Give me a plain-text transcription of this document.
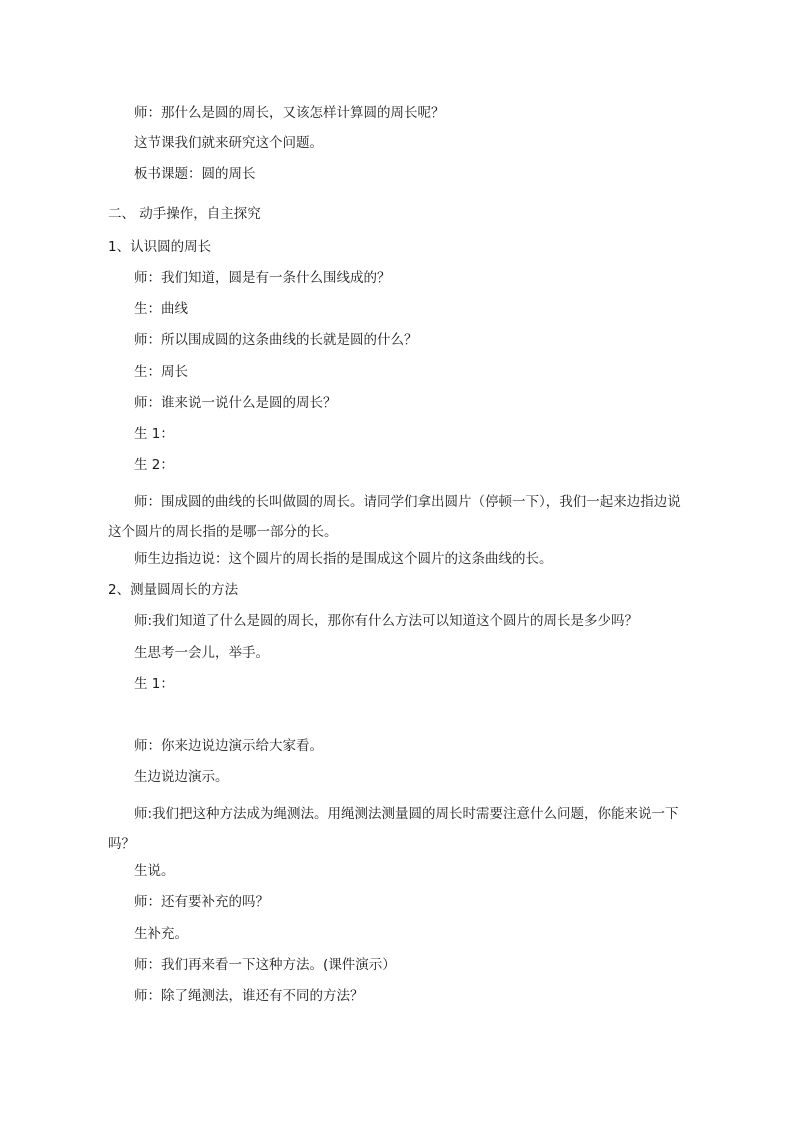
师：那什么是圆的周长，又该怎样计算圆的周长呢？
这节课我们就来研究这个问题。
板书课题：圆的周长
二、 动手操作，自主探究
1、认识圆的周长
师：我们知道，圆是有一条什么围线成的？
生：曲线
师：所以围成圆的这条曲线的长就是圆的什么？
生：周长
师：谁来说一说什么是圆的周长？
生 1：
生 2：
师：围成圆的曲线的长叫做圆的周长。请同学们拿出圆片（停顿一下），我们一起来边指边说这个圆片的周长指的是哪一部分的长。
师生边指边说：这个圆片的周长指的是围成这个圆片的这条曲线的长。
2、测量圆周长的方法
师:我们知道了什么是圆的周长，那你有什么方法可以知道这个圆片的周长是多少吗？
生思考一会儿，举手。
生 1：
师：你来边说边演示给大家看。
生边说边演示。
师:我们把这种方法成为绳测法。用绳测法测量圆的周长时需要注意什么问题，你能来说一下吗？
生说。
师：还有要补充的吗？
生补充。
师：我们再来看一下这种方法。(课件演示）
师：除了绳测法，谁还有不同的方法？
